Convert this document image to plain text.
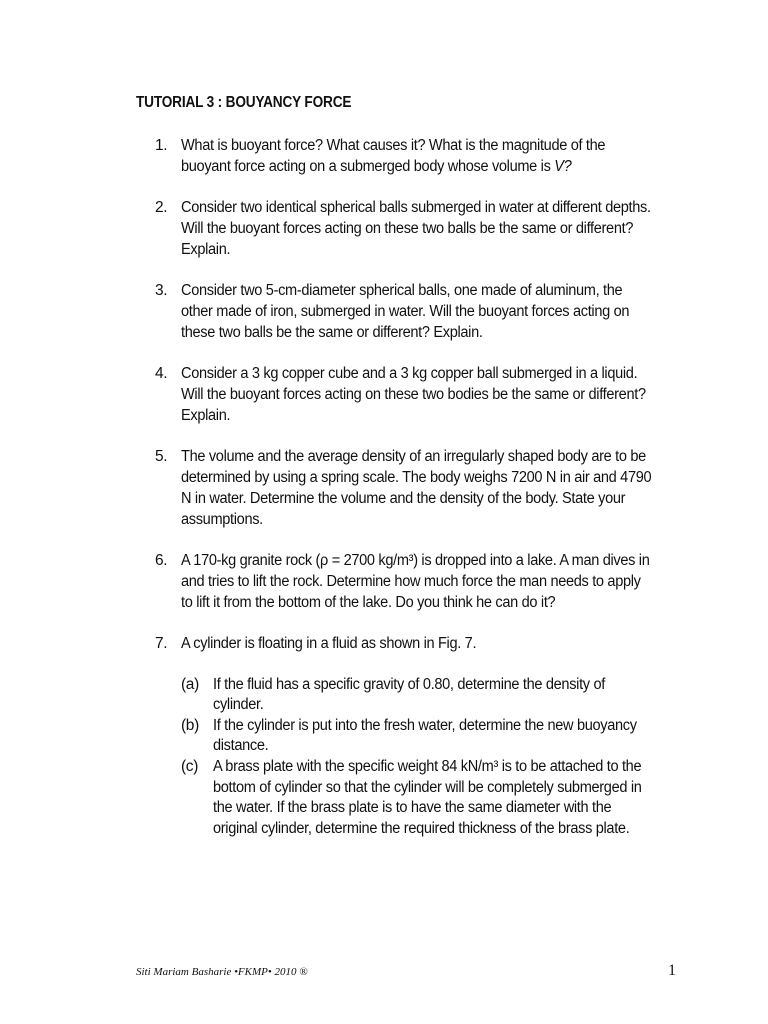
TUTORIAL 3 : BOUYANCY FORCE
1. What is buoyant force? What causes it? What is the magnitude of the buoyant force acting on a submerged body whose volume is V?
2. Consider two identical spherical balls submerged in water at different depths. Will the buoyant forces acting on these two balls be the same or different? Explain.
3. Consider two 5-cm-diameter spherical balls, one made of aluminum, the other made of iron, submerged in water. Will the buoyant forces acting on these two balls be the same or different? Explain.
4. Consider a 3 kg copper cube and a 3 kg copper ball submerged in a liquid. Will the buoyant forces acting on these two bodies be the same or different? Explain.
5. The volume and the average density of an irregularly shaped body are to be determined by using a spring scale. The body weighs 7200 N in air and 4790 N in water. Determine the volume and the density of the body. State your assumptions.
6. A 170-kg granite rock (ρ = 2700 kg/m³) is dropped into a lake. A man dives in and tries to lift the rock. Determine how much force the man needs to apply to lift it from the bottom of the lake. Do you think he can do it?
7. A cylinder is floating in a fluid as shown in Fig. 7.
(a) If the fluid has a specific gravity of 0.80, determine the density of cylinder.
(b) If the cylinder is put into the fresh water, determine the new buoyancy distance.
(c) A brass plate with the specific weight 84 kN/m³ is to be attached to the bottom of cylinder so that the cylinder will be completely submerged in the water. If the brass plate is to have the same diameter with the original cylinder, determine the required thickness of the brass plate.
Siti Mariam Basharie •FKMP• 2010 ®	1
